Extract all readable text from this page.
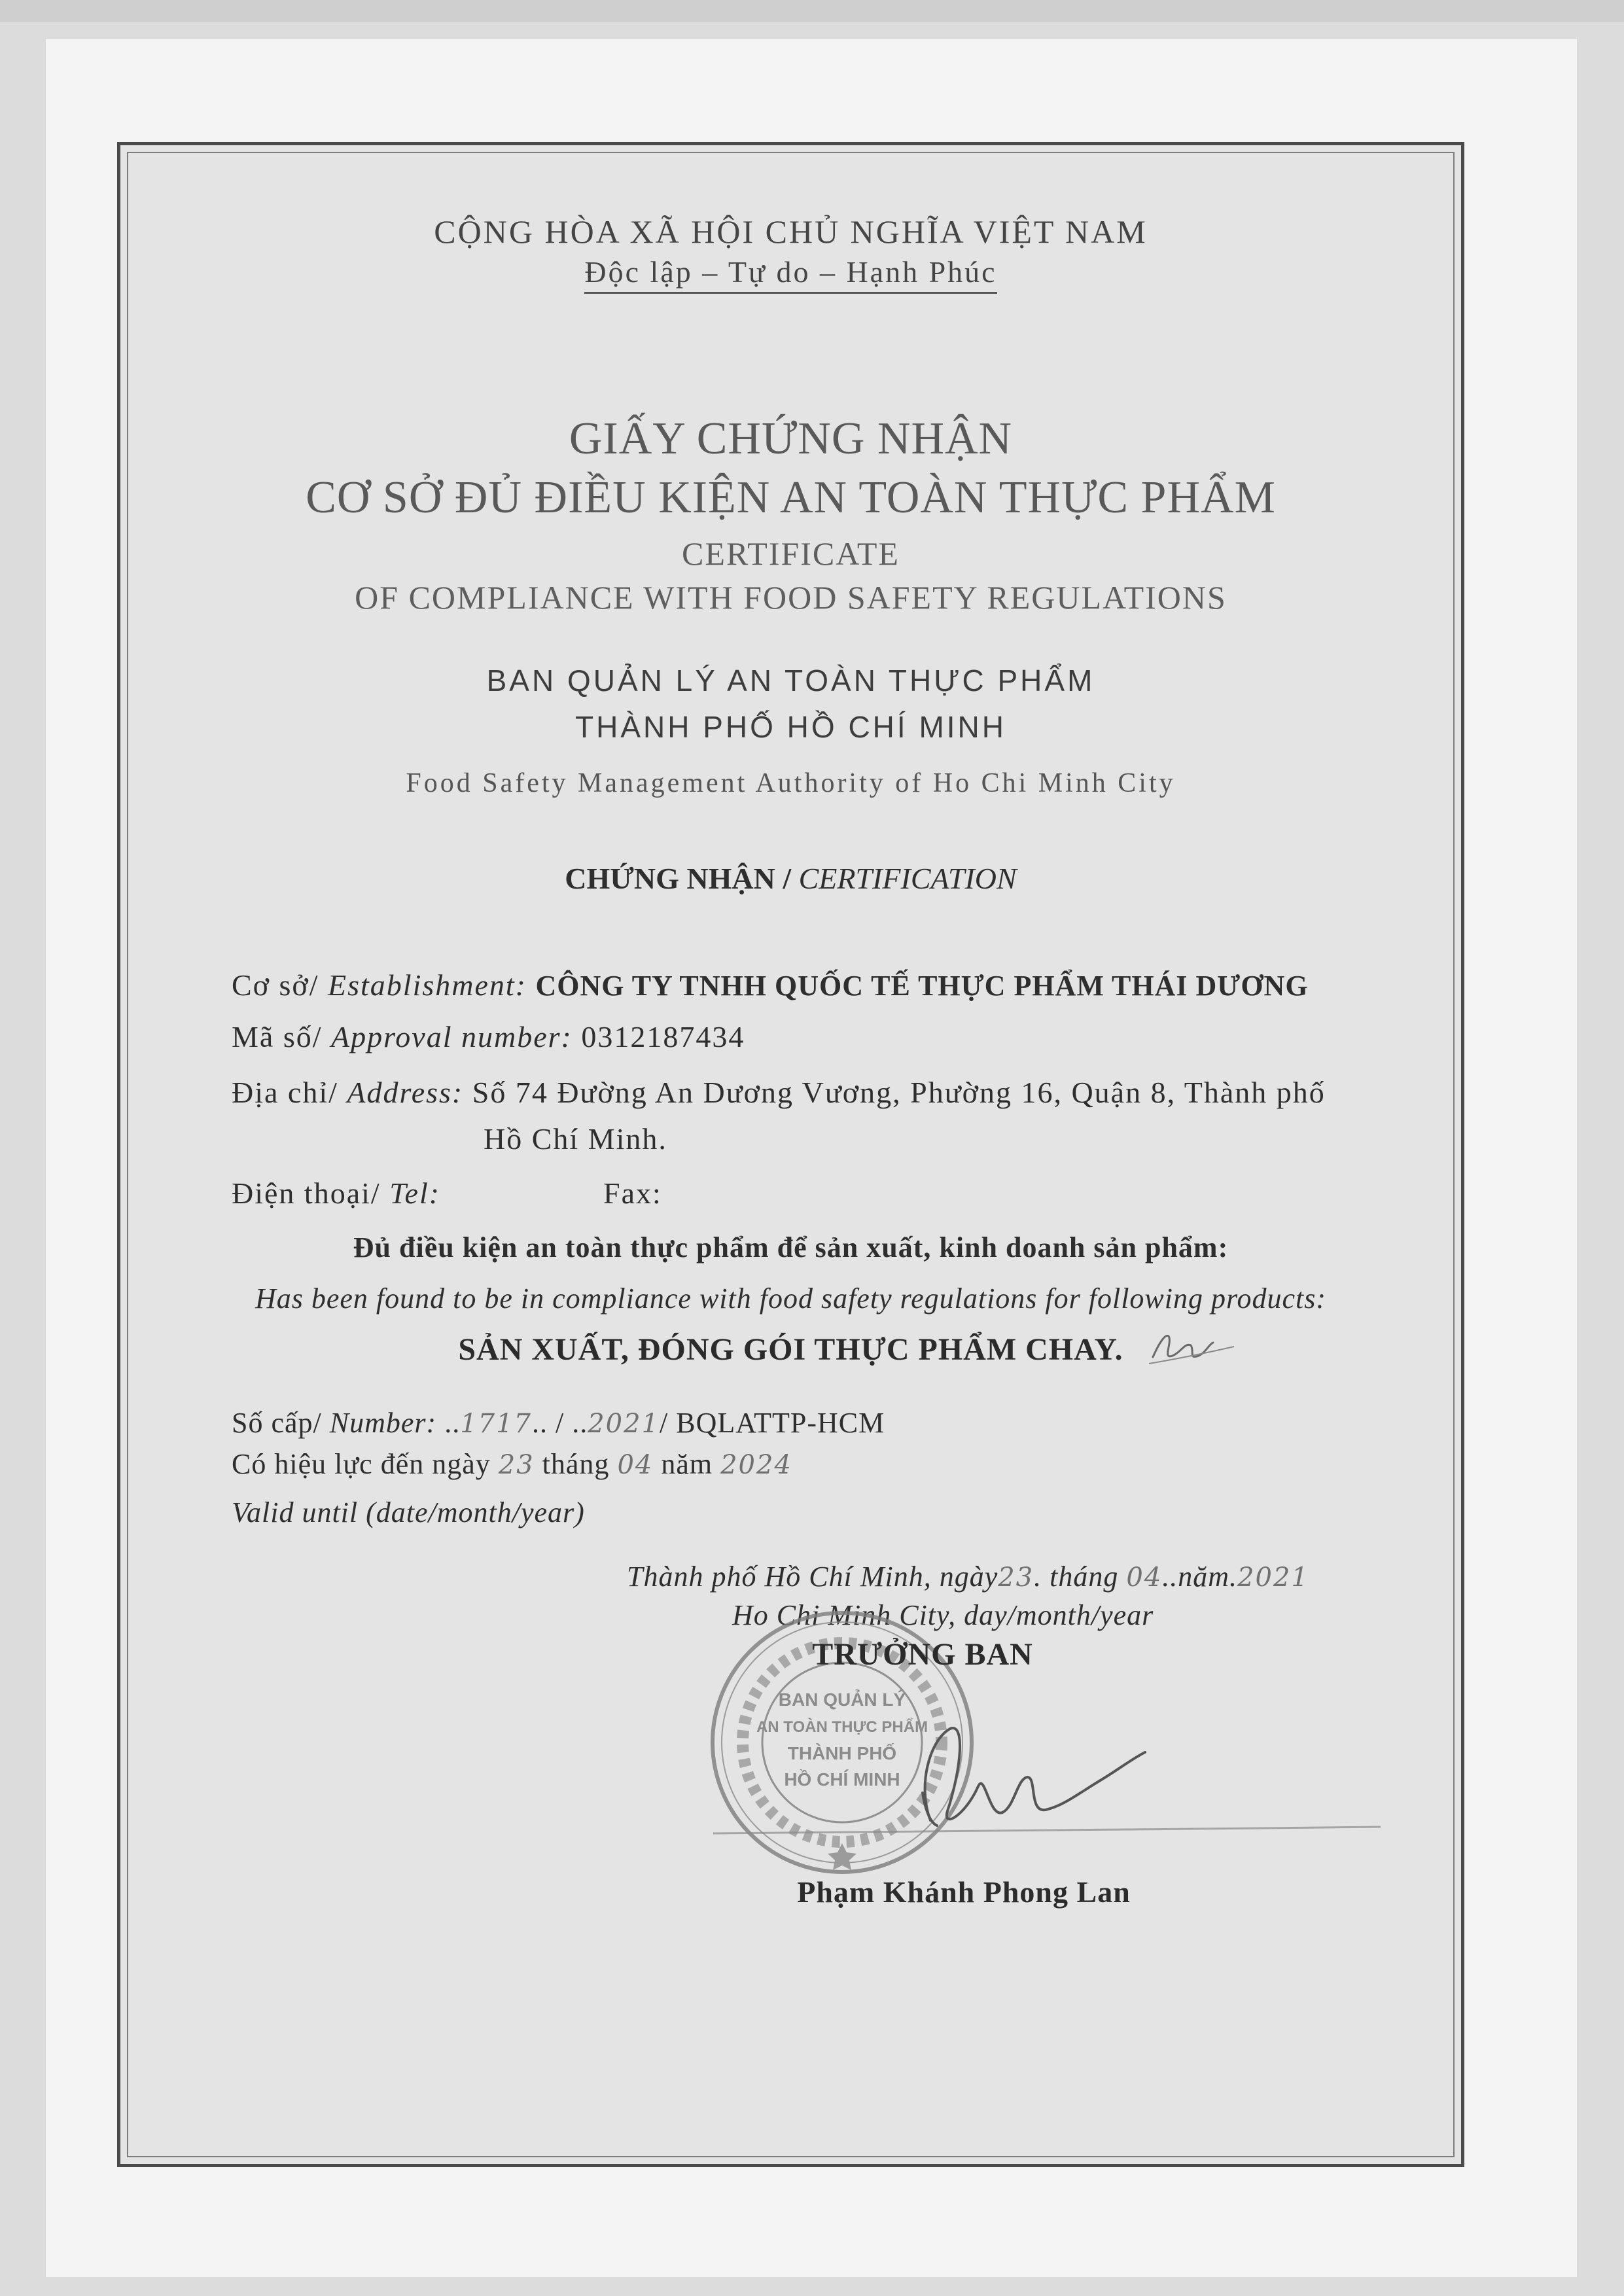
CỘNG HÒA XÃ HỘI CHỦ NGHĨA VIỆT NAM
Độc lập – Tự do – Hạnh Phúc
GIẤY CHỨNG NHẬN
CƠ SỞ ĐỦ ĐIỀU KIỆN AN TOÀN THỰC PHẨM
CERTIFICATE
OF COMPLIANCE WITH FOOD SAFETY REGULATIONS
BAN QUẢN LÝ AN TOÀN THỰC PHẨM
THÀNH PHỐ HỒ CHÍ MINH
Food Safety Management Authority of Ho Chi Minh City
CHỨNG NHẬN / CERTIFICATION
Cơ sở/ Establishment: CÔNG TY TNHH QUỐC TẾ THỰC PHẨM THÁI DƯƠNG
Mã số/ Approval number: 0312187434
Địa chỉ/ Address: Số 74 Đường An Dương Vương, Phường 16, Quận 8, Thành phố
Hồ Chí Minh.
Điện thoại/ Tel:	Fax:
Đủ điều kiện an toàn thực phẩm để sản xuất, kinh doanh sản phẩm:
Has been found to be in compliance with food safety regulations for following products:
SẢN XUẤT, ĐÓNG GÓI THỰC PHẨM CHAY.
Số cấp/ Number: ..1717.. / ..2021/ BQLATTP-HCM
Có hiệu lực đến ngày 23 tháng 04 năm 2024
Valid until (date/month/year)
Thành phố Hồ Chí Minh, ngày23. tháng 04..năm.2021
Ho Chi Minh City, day/month/year
BAN QUẢN LÝ
AN TOÀN THỰC PHẨM
THÀNH PHỐ
HỒ CHÍ MINH
TRƯỞNG BAN
Phạm Khánh Phong Lan
